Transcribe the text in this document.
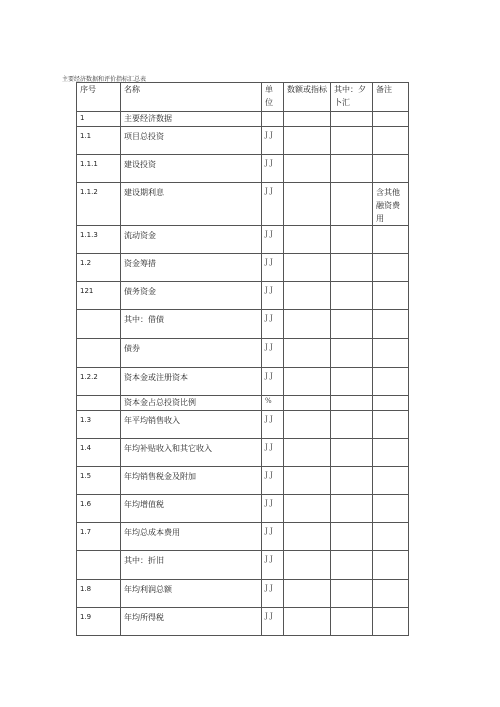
主要经济数据和评价指标汇总表
序号	名称	单位	数额或指标	其中：夕卜汇	备注
1	主要经济数据				
1.1	项目总投资	J J			
1.1.1	建设投资	J J			
1.1.2	建设期利息	J J			含其他融资费用
1.1.3	流动资金	J J			
1.2	资金筹措	J J			
121	债务资金	J J			
	其中：借债	J J			
	债券	J J			
1.2.2	资本金或注册资本	J J			
	资本金占总投资比例	%			
1.3	年平均销售收入	J J			
1.4	年均补贴收入和其它收入	J J			
1.5	年均销售税金及附加	J J			
1.6	年均增值税	J J			
1.7	年均总成本费用	J J			
	其中：折旧	J J			
1.8	年均利润总额	J J			
1.9	年均所得税	J J			
